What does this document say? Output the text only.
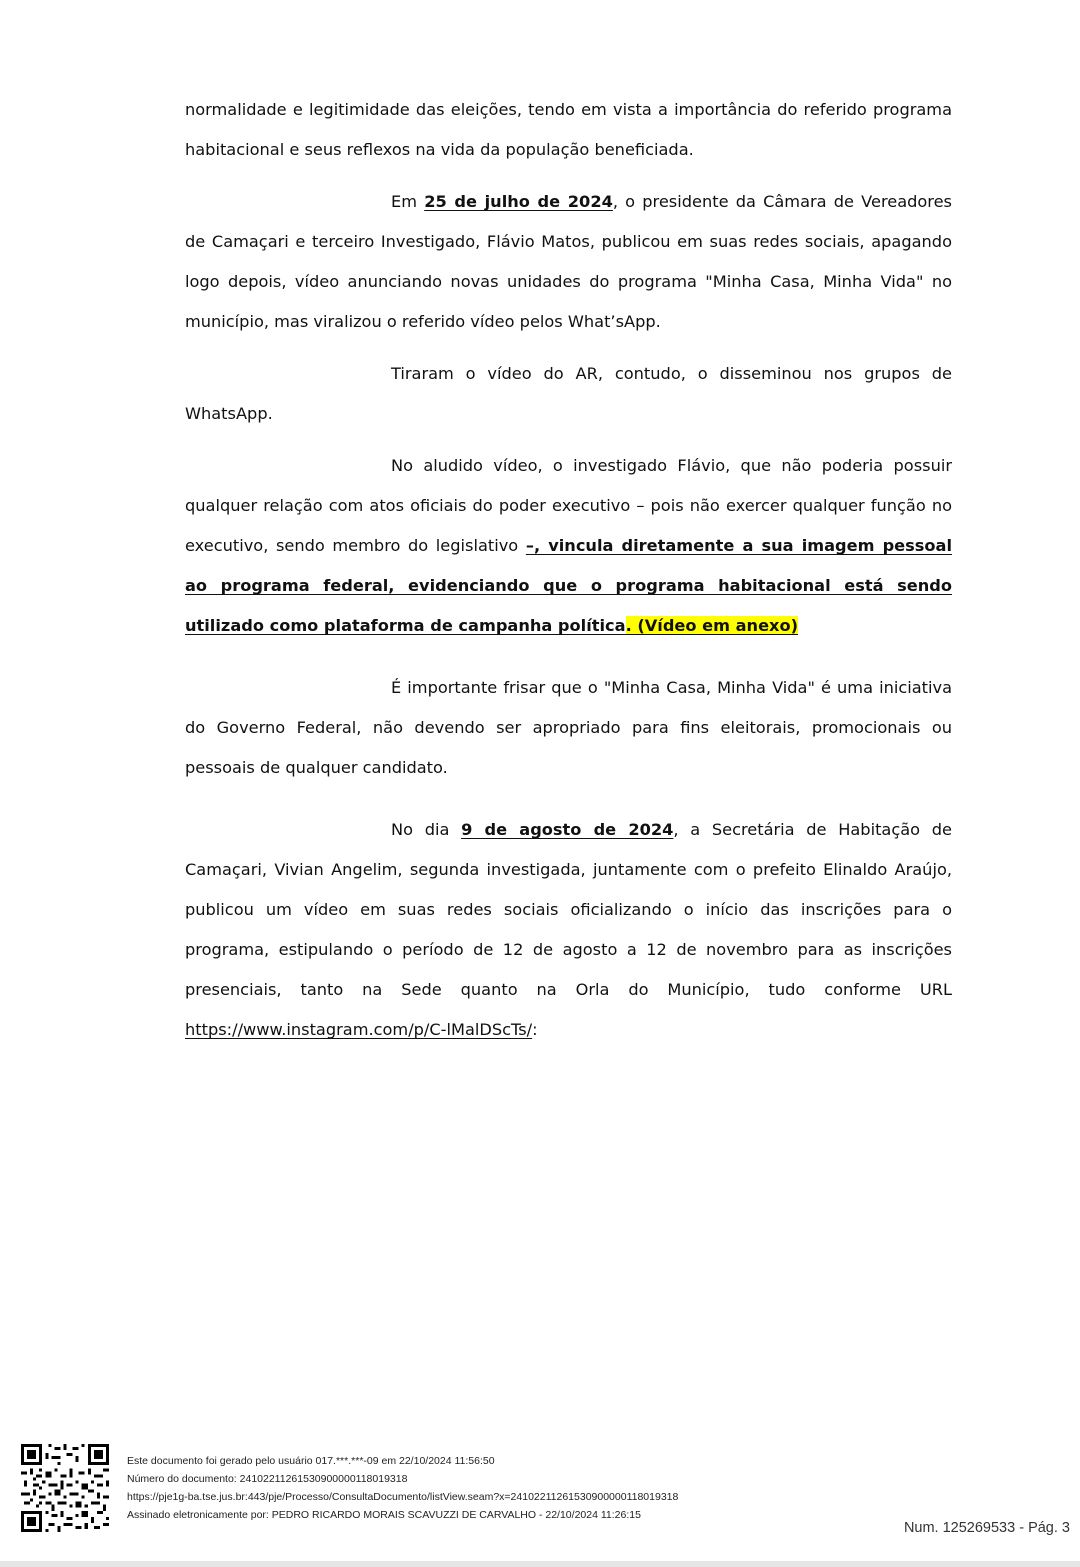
normalidade e legitimidade das eleições, tendo em vista a importância do referido programa habitacional e seus reflexos na vida da população beneficiada.

Em 25 de julho de 2024, o presidente da Câmara de Vereadores de Camaçari e terceiro Investigado, Flávio Matos, publicou em suas redes sociais, apagando logo depois, vídeo anunciando novas unidades do programa "Minha Casa, Minha Vida" no município, mas viralizou o referido vídeo pelos What’sApp.

Tiraram o vídeo do AR, contudo, o disseminou nos grupos de WhatsApp.

No aludido vídeo, o investigado Flávio, que não poderia possuir qualquer relação com atos oficiais do poder executivo – pois não exercer qualquer função no executivo, sendo membro do legislativo –, vincula diretamente a sua imagem pessoal ao programa federal, evidenciando que o programa habitacional está sendo utilizado como plataforma de campanha política. (Vídeo em anexo)

É importante frisar que o "Minha Casa, Minha Vida" é uma iniciativa do Governo Federal, não devendo ser apropriado para fins eleitorais, promocionais ou pessoais de qualquer candidato.

No dia 9 de agosto de 2024, a Secretária de Habitação de Camaçari, Vivian Angelim, segunda investigada, juntamente com o prefeito Elinaldo Araújo, publicou um vídeo em suas redes sociais oficializando o início das inscrições para o programa, estipulando o período de 12 de agosto a 12 de novembro para as inscrições presenciais, tanto na Sede quanto na Orla do Município, tudo conforme URL https://www.instagram.com/p/C-lMalDScTs/:

Este documento foi gerado pelo usuário 017.***.***-09 em 22/10/2024 11:56:50
Número do documento: 24102211261530900000118019318
https://pje1g-ba.tse.jus.br:443/pje/Processo/ConsultaDocumento/listView.seam?x=24102211261530900000118019318
Assinado eletronicamente por: PEDRO RICARDO MORAIS SCAVUZZI DE CARVALHO - 22/10/2024 11:26:15
Num. 125269533 - Pág. 3
